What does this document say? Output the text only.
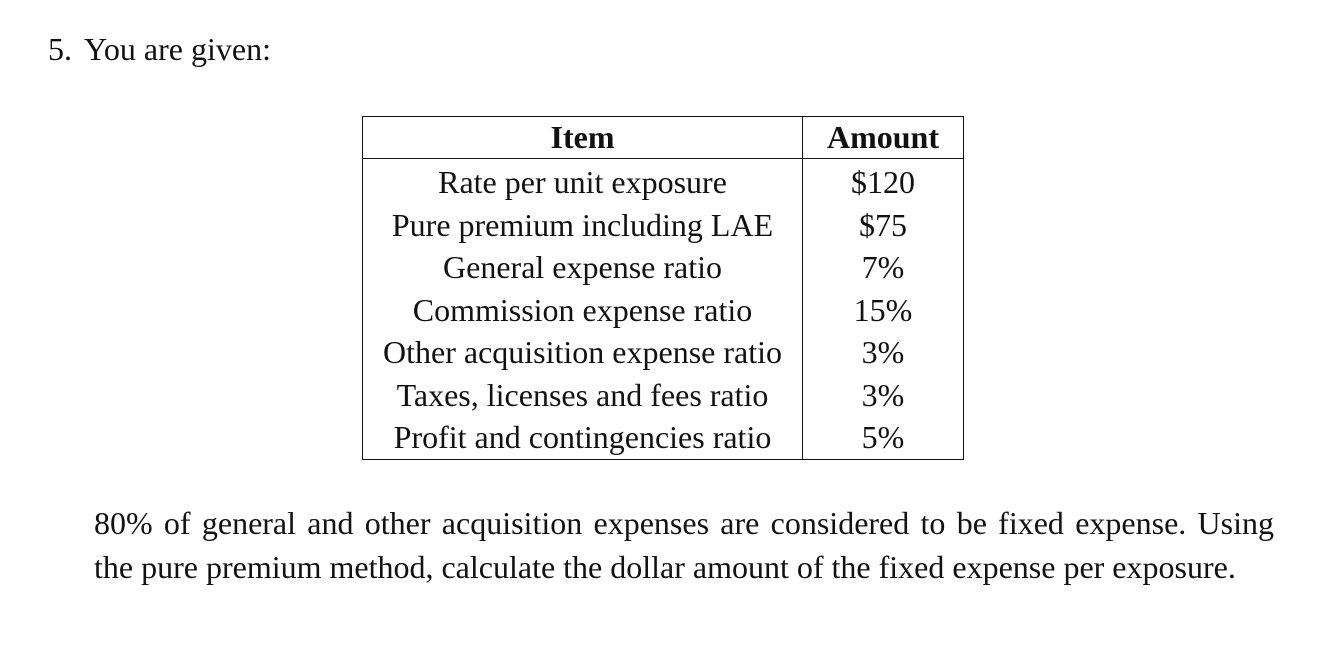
5. You are given:
Item	Amount
Rate per unit exposure	$120
Pure premium including LAE	$75
General expense ratio	7%
Commission expense ratio	15%
Other acquisition expense ratio	3%
Taxes, licenses and fees ratio	3%
Profit and contingencies ratio	5%

80% of general and other acquisition expenses are considered to be fixed expense. Using the pure premium method, calculate the dollar amount of the fixed expense per exposure.
